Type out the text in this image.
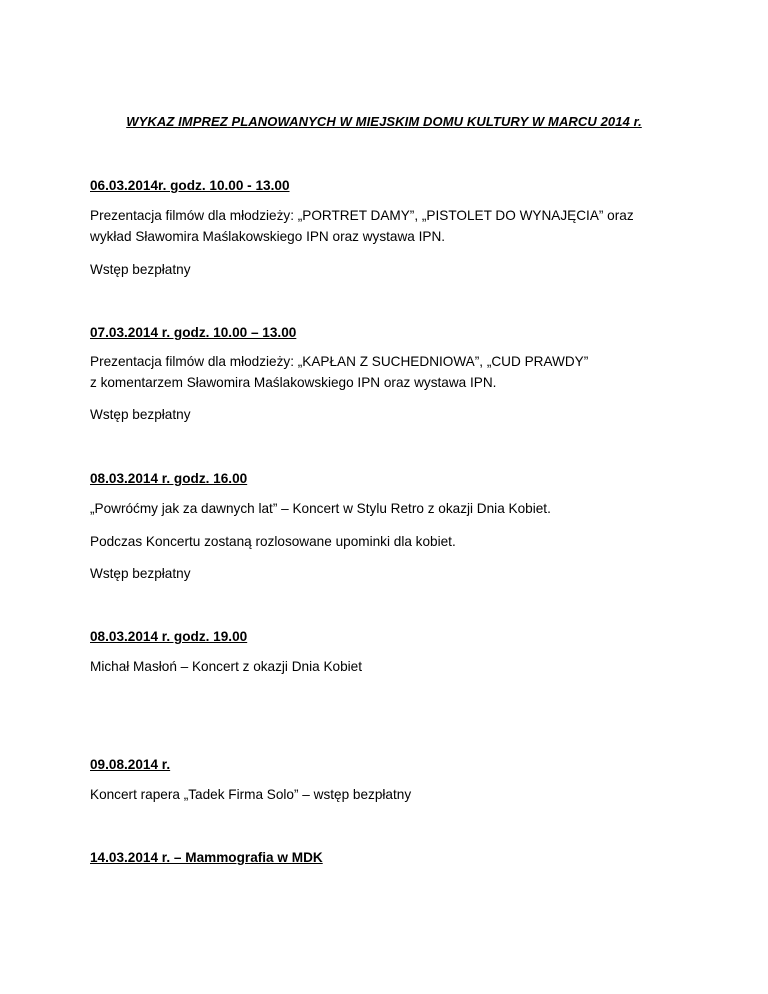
WYKAZ IMPREZ PLANOWANYCH W MIEJSKIM DOMU KULTURY W MARCU 2014 r.
06.03.2014r. godz. 10.00 - 13.00
Prezentacja filmów dla młodzieży: „PORTRET DAMY”, „PISTOLET DO WYNAJĘCIA” oraz
wykład Sławomira Maślakowskiego IPN oraz wystawa IPN.
Wstęp bezpłatny
07.03.2014 r. godz. 10.00 – 13.00
Prezentacja filmów dla młodzieży: „KAPŁAN Z SUCHEDNIOWA”, „CUD PRAWDY”
z komentarzem Sławomira Maślakowskiego IPN oraz wystawa IPN.
Wstęp bezpłatny
08.03.2014 r. godz. 16.00
„Powróćmy jak za dawnych lat” – Koncert w Stylu Retro z okazji Dnia Kobiet.
Podczas Koncertu zostaną rozlosowane upominki dla kobiet.
Wstęp bezpłatny
08.03.2014 r. godz. 19.00
Michał Masłoń – Koncert z okazji Dnia Kobiet
09.08.2014 r.
Koncert rapera „Tadek Firma Solo” – wstęp bezpłatny
14.03.2014 r. – Mammografia w MDK
